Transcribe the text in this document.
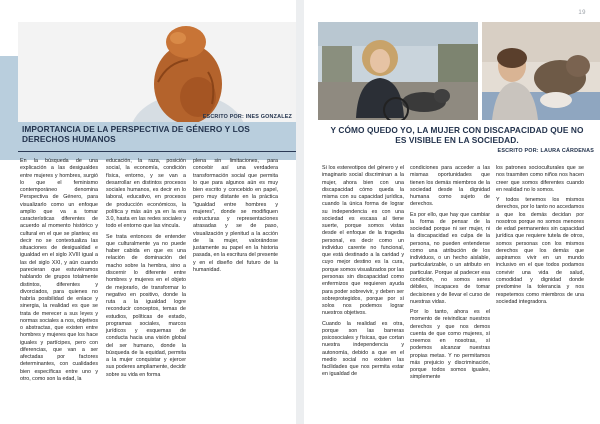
ESCRITO POR: INES GONZALEZ
IMPORTANCIA DE LA PERSPECTIVA DE GÉNERO Y LOS DERECHOS HUMANOS

En la búsqueda de una explicación a las desigualdes entre mujeres y hombres, surgió lo que el feminismo contemporáneo denomina Perspectiva de Género, para visualizarlo como un enfoque amplio que va a tomar características diferentes de acuerdo al momento histórico y cultural en el que se plantea; es decir no se contextualiza las situaciones de desigualdad e igualdad en el siglo XVIII igual a las del siglo XXI, y aún cuando parecieran que estuviéramos hablando de grupos totalmente distintos, diferentes y divorciados, para quienes no habría posibilidad de enlace y sinergia, la realidad es que se trata de merecer a sus leyes y normas sociales a nos, objetivos o abstractas, que existen entre hombres y mujeres que los hace iguales y partícipes, pero con diferencias, que van a ser afectadas por factores determinantes, con cualidades bien específicas entre uno y otro, como son la edad, la

educación, la raza, posición social, la economía, condición física, entorno, y se van a desarrollar en distintos procesos sociales humanos, es decir en lo laboral, educativo, en procesos de producción económicos, la política y más aún ya en la era 3.0, hasta en las redes sociales y todo el entorno que las vincula.

Se trata entonces de entender que culturalmente ya no puede haber cabida en que es una relación de dominación del macho sobre la hembra, sino a discernir lo diferente entre hombres y mujeres en el objeto de mejorarlo, de transformar lo negativo en positivo, donde la ruta a la igualdad logre reconducir conceptos, temas de estudios, políticas de estado, programas sociales, marcos jurídicos y esquemas de conducta hacia una visión global del ser humano, donde la búsqueda de la equidad, permita a la mujer conquistar y ejercer sus poderes ampliamente, decidir sobre su vida en forma

plena sin limitaciones, para concebir así una verdadera transformación social que permita lo que para algunos aún es muy bien escrito y concebido en papel, pero muy distante en la práctica "igualdad entre hombres y mujeres", donde se modifiquen estructuras y representaciones atrasadas y se de paso, visualización y plenitud a la acción de la mujer, valorándose justamente su papel en la historia pasada, en la escritura del presente y en el diseño del futuro de la humanidad.

19
Y CÓMO QUEDO YO, LA MUJER CON DISCAPACIDAD QUE NO ES VISIBLE EN LA SOCIEDAD.
ESCRITO POR: LAURA CÁRDENAS

Si los estereotipos del género y el imaginario social discriminan a la mujer, ahora bien con una discapacidad cómo queda la misma con su capacidad jurídica, cuando la única forma de lograr su independencia es con una sociedad es escasa al tiene suerte, porque somos vistas desde el enfoque de la tragedia personal, es decir como un individuo carente no funcional, que está destinado a la caridad y cuyo mejor destino es la cura, porque somos visualizados por las personas sin discapacidad como enfermizos que requieren ayuda para poder sobrevivir, y deben ser sobreprotegidos, porque por sí solos nos podemos lograr nuestros objetivos.

Cuando la realidad es otra, porque son las barreras psicosociales y físicas, que cortan nuestra independencia y autonomía, debido a que en el medio social no existen las facilidades que nos permita estar en igualdad de

condiciones para acceder a las mismas oportunidades que tienen los demás miembros de la sociedad desde la dignidad humana como sujeto de derechos.

Es por ello, que hay que cambiar la forma de pensar de la sociedad porque ni ser mujer, ni la discapacidad es culpa de la persona, no pueden entenderse como una atribución de los individuos, o un hecho aislable, particularizable, o un atributo en particular. Porque al padecer esa condición, no somos seres débiles, incapaces de tomar decisiones y de llevar el curso de nuestras vidas.

Por lo tanto, ahora es el momento de reivindicar nuestros derechos y que nos demos cuenta de que como mujeres, sí creemos en nosotras, sí podemos alcanzar nuestras propias metas. Y no permitamos más prejuicio y discriminación, porque todos somos iguales, simplemente

los patrones socioculturales que se nos trasmiten como niños nos hacen creer que somos diferentes cuando en realidad no lo somos.

Y todos tenemos los mismos derechos, por lo tanto no accedamos a que los demás decidan por nosotros porque no somos menores de edad permanentes sin capacidad jurídica que requiere tutela de otros, somos personas con los mismos derechos que los demás que aspiramos vivir en un mundo inclusivo en el que todos podamos convivir una vida de salud, comodidad y dignidad donde predomine la tolerancia y nos respetemos como miembros de una sociedad integradora.
